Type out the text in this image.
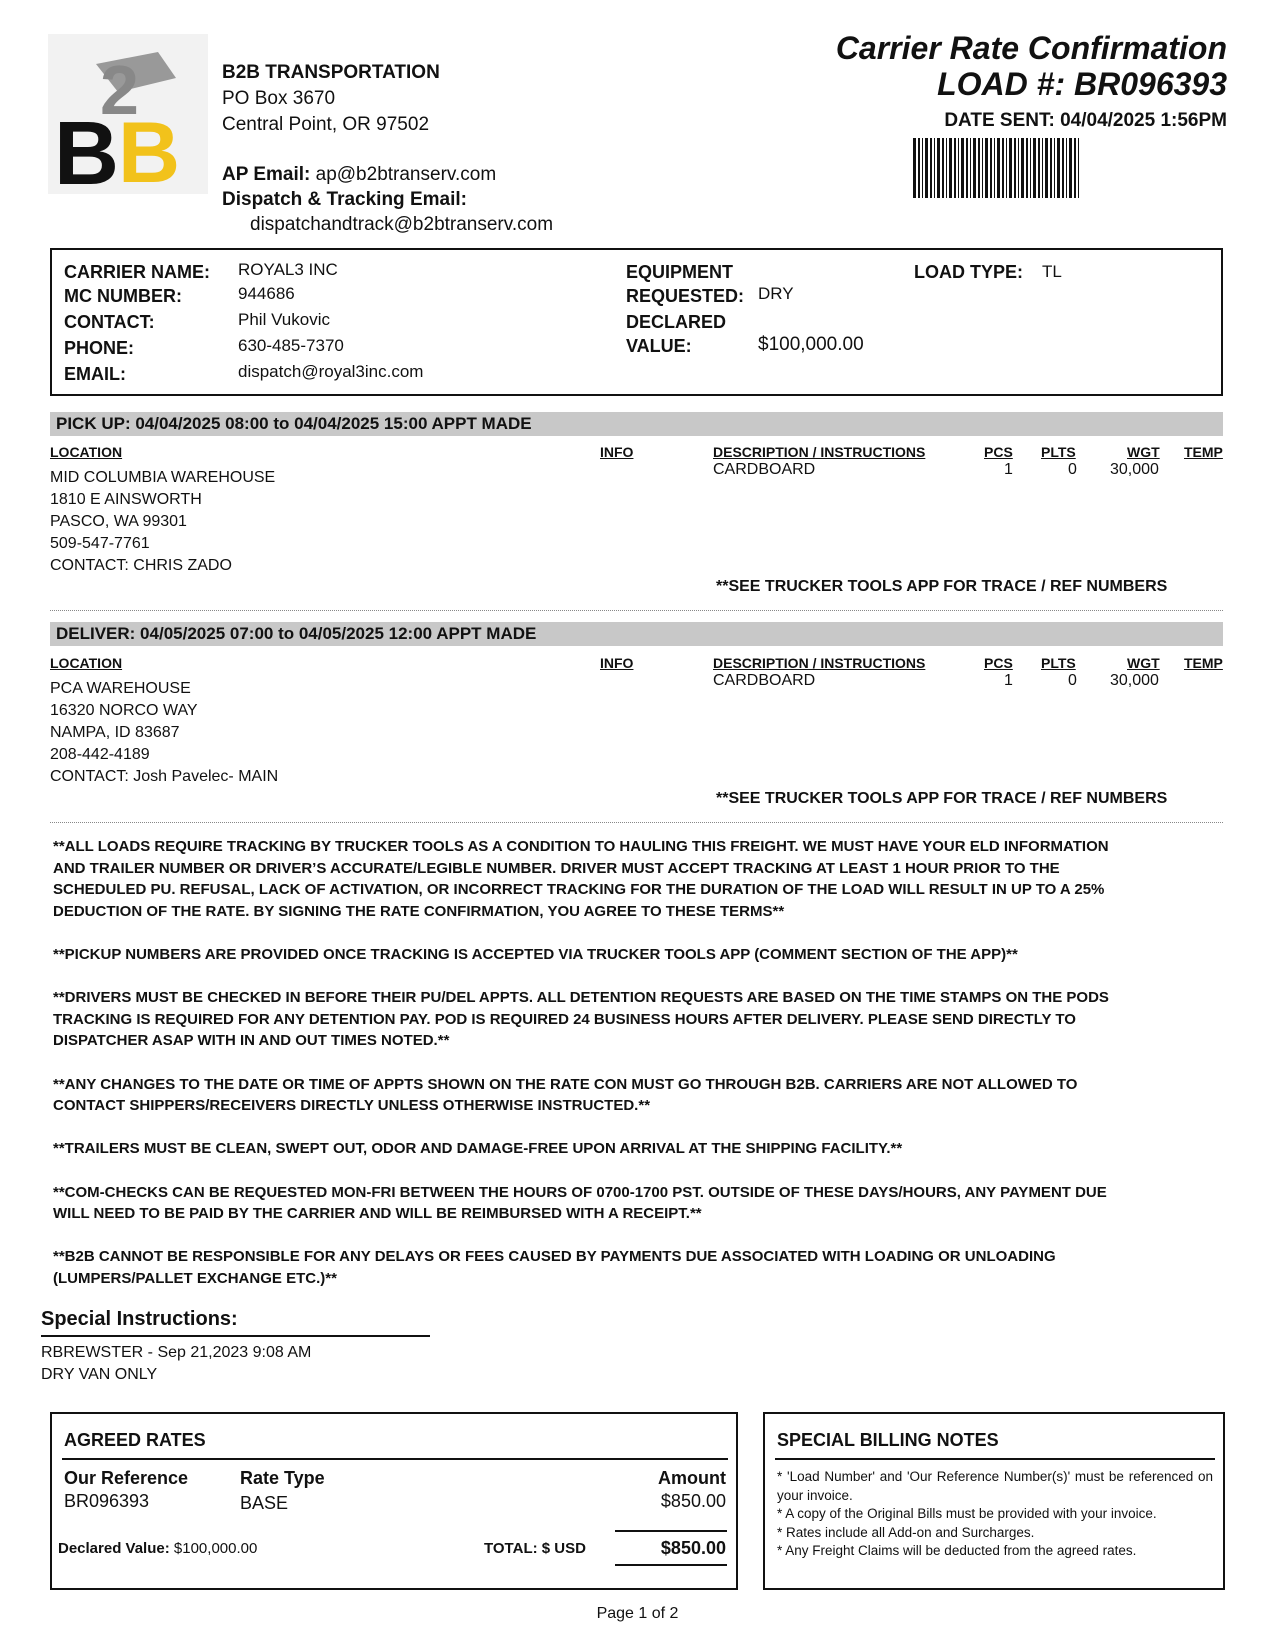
2
B B
B2B TRANSPORTATION
PO Box 3670
Central Point, OR 97502
AP Email: ap@b2btranserv.com
Dispatch & Tracking Email:
dispatchandtrack@b2btranserv.com
Carrier Rate Confirmation
LOAD #: BR096393
DATE SENT: 04/04/2025 1:56PM
CARRIER NAME: ROYAL3 INC
MC NUMBER:	944686
CONTACT:	Phil Vukovic
PHONE:	630-485-7370
EMAIL:	dispatch@royal3inc.com
EQUIPMENT
REQUESTED: DRY
DECLARED
VALUE:	$100,000.00
LOAD TYPE: TL
PICK UP: 04/04/2025 08:00 to 04/04/2025 15:00 APPT MADE
LOCATION	INFO	DESCRIPTION / INSTRUCTIONS	PCS PLTS	WGT TEMP
MID COLUMBIA WAREHOUSE
1810 E AINSWORTH
PASCO, WA 99301
509-547-7761
CONTACT: CHRIS ZADO
CARDBOARD	1	0 30,000
**SEE TRUCKER TOOLS APP FOR TRACE / REF NUMBERS
DELIVER: 04/05/2025 07:00 to 04/05/2025 12:00 APPT MADE
LOCATION	INFO	DESCRIPTION / INSTRUCTIONS	PCS PLTS	WGT TEMP
PCA WAREHOUSE
16320 NORCO WAY
NAMPA, ID 83687
208-442-4189
CONTACT: Josh Pavelec- MAIN
CARDBOARD	1	0 30,000
**SEE TRUCKER TOOLS APP FOR TRACE / REF NUMBERS

**ALL LOADS REQUIRE TRACKING BY TRUCKER TOOLS AS A CONDITION TO HAULING THIS FREIGHT. WE MUST HAVE YOUR ELD INFORMATION
AND TRAILER NUMBER OR DRIVER’S ACCURATE/LEGIBLE NUMBER. DRIVER MUST ACCEPT TRACKING AT LEAST 1 HOUR PRIOR TO THE
SCHEDULED PU. REFUSAL, LACK OF ACTIVATION, OR INCORRECT TRACKING FOR THE DURATION OF THE LOAD WILL RESULT IN UP TO A 25%
DEDUCTION OF THE RATE. BY SIGNING THE RATE CONFIRMATION, YOU AGREE TO THESE TERMS**

**PICKUP NUMBERS ARE PROVIDED ONCE TRACKING IS ACCEPTED VIA TRUCKER TOOLS APP (COMMENT SECTION OF THE APP)**

**DRIVERS MUST BE CHECKED IN BEFORE THEIR PU/DEL APPTS. ALL DETENTION REQUESTS ARE BASED ON THE TIME STAMPS ON THE PODS
TRACKING IS REQUIRED FOR ANY DETENTION PAY. POD IS REQUIRED 24 BUSINESS HOURS AFTER DELIVERY. PLEASE SEND DIRECTLY TO
DISPATCHER ASAP WITH IN AND OUT TIMES NOTED.**

**ANY CHANGES TO THE DATE OR TIME OF APPTS SHOWN ON THE RATE CON MUST GO THROUGH B2B. CARRIERS ARE NOT ALLOWED TO
CONTACT SHIPPERS/RECEIVERS DIRECTLY UNLESS OTHERWISE INSTRUCTED.**

**TRAILERS MUST BE CLEAN, SWEPT OUT, ODOR AND DAMAGE-FREE UPON ARRIVAL AT THE SHIPPING FACILITY.**

**COM-CHECKS CAN BE REQUESTED MON-FRI BETWEEN THE HOURS OF 0700-1700 PST. OUTSIDE OF THESE DAYS/HOURS, ANY PAYMENT DUE
WILL NEED TO BE PAID BY THE CARRIER AND WILL BE REIMBURSED WITH A RECEIPT.**

**B2B CANNOT BE RESPONSIBLE FOR ANY DELAYS OR FEES CAUSED BY PAYMENTS DUE ASSOCIATED WITH LOADING OR UNLOADING
(LUMPERS/PALLET EXCHANGE ETC.)**

Special Instructions:
RBREWSTER - Sep 21,2023 9:08 AM
DRY VAN ONLY
AGREED RATES
Our Reference
BR096393
Rate Type
BASE
Amount
$850.00
Declared Value: $100,000.00	TOTAL: $ USD	$850.00
SPECIAL BILLING NOTES
* 'Load Number' and 'Our Reference Number(s)' must be referenced on your invoice.
* A copy of the Original Bills must be provided with your invoice.
* Rates include all Add-on and Surcharges.
* Any Freight Claims will be deducted from the agreed rates.
Page 1 of 2
